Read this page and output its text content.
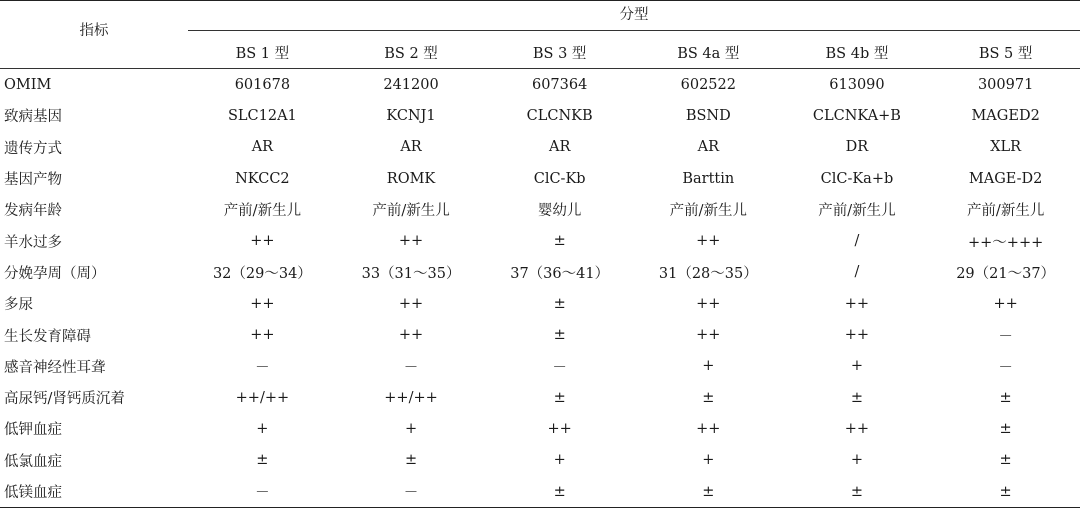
指标	分型					

	BS 1 型	BS 2 型	BS 3 型	BS 4a 型	BS 4b 型	BS 5 型
OMIM	601678	241200	607364	602522	613090	300971
致病基因	SLC12A1	KCNJ1	CLCNKB	BSND	CLCNKA+B	MAGED2
遗传方式	AR	AR	AR	AR	DR	XLR
基因产物	NKCC2	ROMK	ClC-Kb	Barttin	ClC-Ka+b	MAGE-D2
发病年龄	产前/新生儿	产前/新生儿	婴幼儿	产前/新生儿	产前/新生儿	产前/新生儿
羊水过多	++	++	±	++	/	++～+++
分娩孕周（周）	32（29～34）	33（31～35）	37（36～41）	31（28～35）	/	29（21～37）
多尿	++	++	±	++	++	++
生长发育障碍	++	++	±	++	++	－
感音神经性耳聋	－	－	－	+	+	－
高尿钙/肾钙质沉着	++/++	++/++	±	±	±	±
低钾血症	+	+	++	++	++	±
低氯血症	±	±	+	+	+	±
低镁血症	－	－	±	±	±	±
